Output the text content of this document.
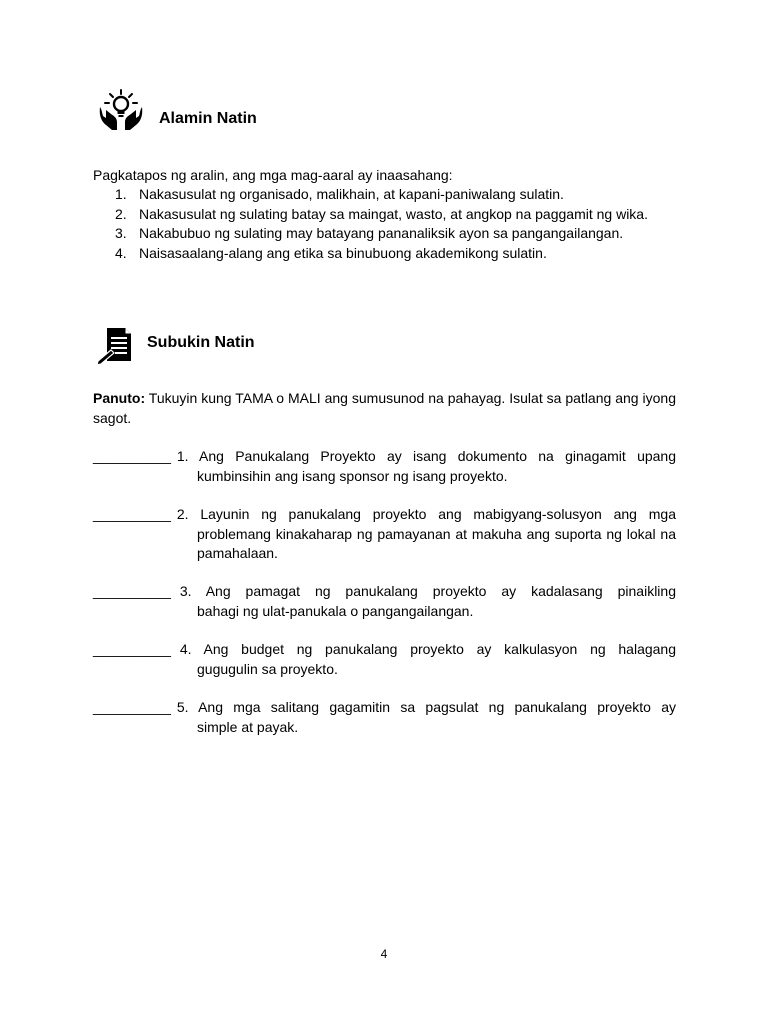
Alamin Natin
Pagkatapos ng aralin, ang mga mag-aaral ay inaasahang:
1. Nakasusulat ng organisado, malikhain, at kapani-paniwalang sulatin.
2. Nakasusulat ng sulating batay sa maingat, wasto, at angkop na paggamit ng wika.
3. Nakabubuo ng sulating may batayang pananaliksik ayon sa pangangailangan.
4. Naisasaalang-alang ang etika sa binubuong akademikong sulatin.
Subukin Natin
Panuto: Tukuyin kung TAMA o MALI ang sumusunod na pahayag. Isulat sa patlang ang iyong sagot.
__________ 1. Ang Panukalang Proyekto ay isang dokumento na ginagamit upang
kumbinsihin ang isang sponsor ng isang proyekto.
__________ 2. Layunin ng panukalang proyekto ang mabigyang-solusyon ang mga
problemang kinakaharap ng pamayanan at makuha ang suporta ng lokal na pamahalaan.
__________ 3. Ang pamagat ng panukalang proyekto ay kadalasang pinaikling
bahagi ng ulat-panukala o pangangailangan.
__________ 4. Ang budget ng panukalang proyekto ay kalkulasyon ng halagang
gugugulin sa proyekto.
__________ 5. Ang mga salitang gagamitin sa pagsulat ng panukalang proyekto ay
simple at payak.
4
